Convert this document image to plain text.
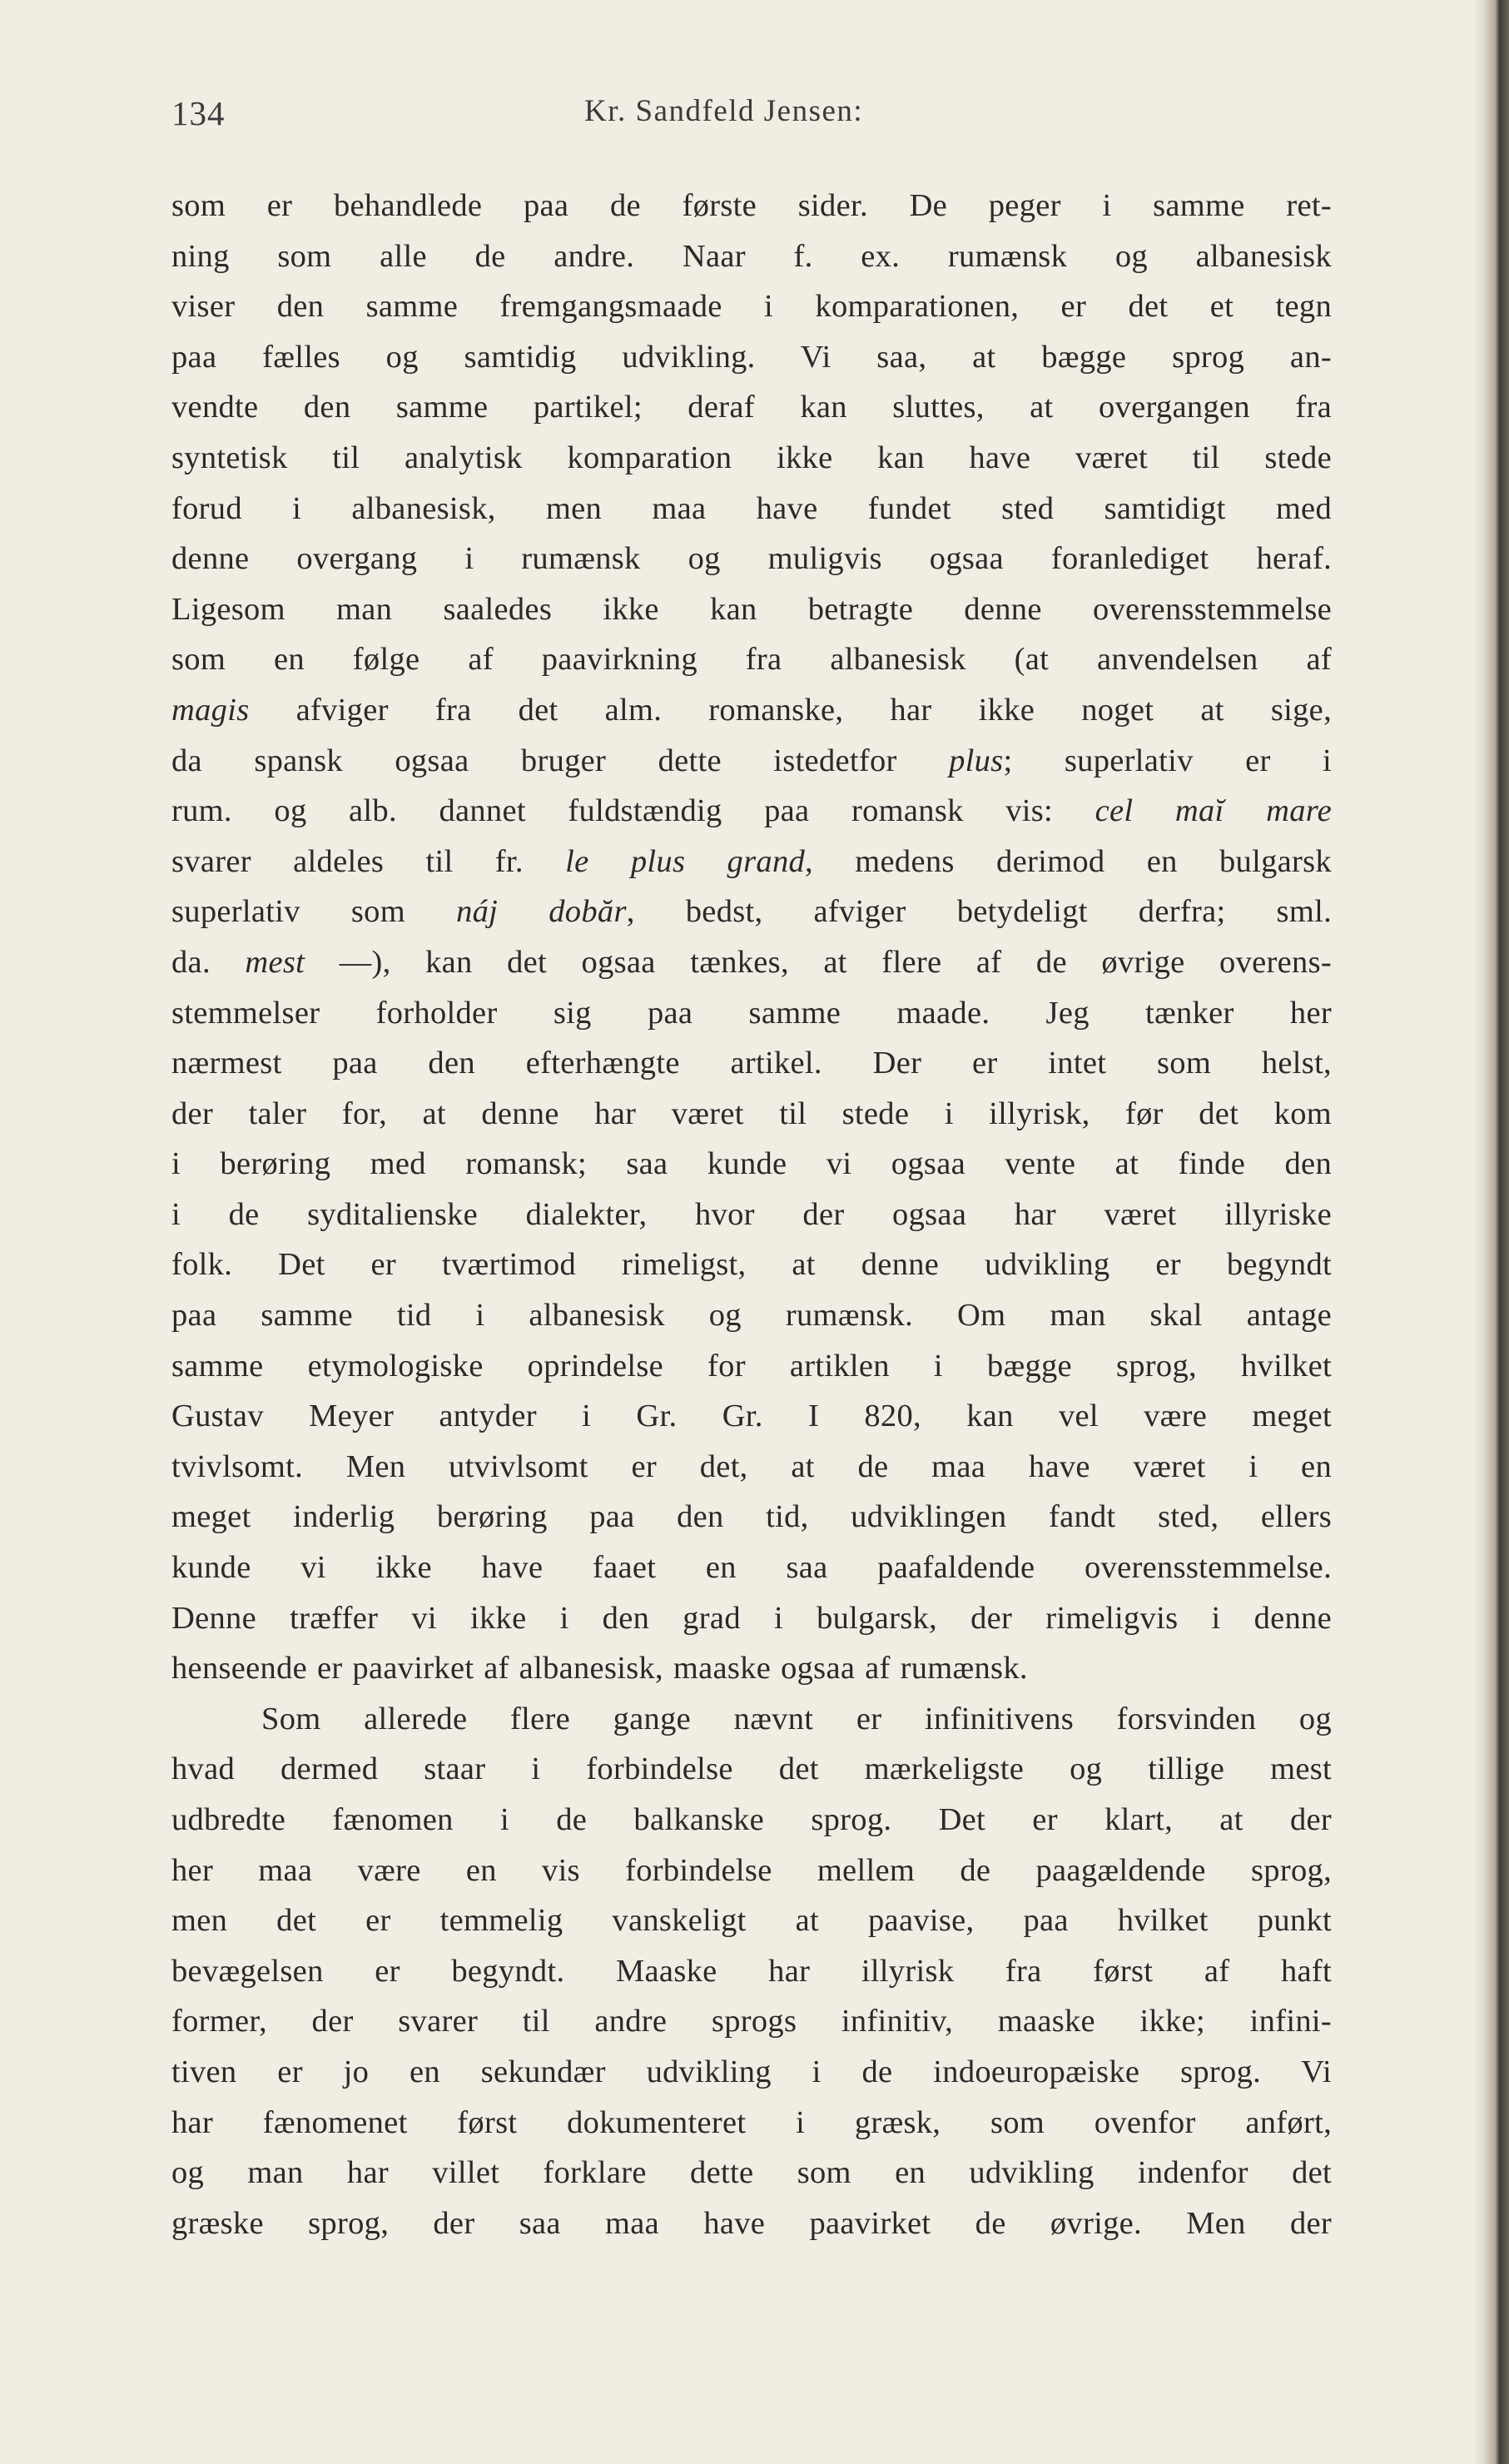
134	Kr. Sandfeld Jensen:
som er behandlede paa de første sider. De peger i samme ret-
ning som alle de andre. Naar f. ex. rumænsk og albanesisk
viser den samme fremgangsmaade i komparationen, er det et tegn
paa fælles og samtidig udvikling. Vi saa, at bægge sprog an-
vendte den samme partikel; deraf kan sluttes, at overgangen fra
syntetisk til analytisk komparation ikke kan have været til stede
forud i albanesisk, men maa have fundet sted samtidigt med
denne overgang i rumænsk og muligvis ogsaa foranlediget heraf.
Ligesom man saaledes ikke kan betragte denne overensstemmelse
som en følge af paavirkning fra albanesisk (at anvendelsen af
magis afviger fra det alm. romanske, har ikke noget at sige,
da spansk ogsaa bruger dette istedetfor plus; superlativ er i
rum. og alb. dannet fuldstændig paa romansk vis: cel maĭ mare
svarer aldeles til fr. le plus grand, medens derimod en bulgarsk
superlativ som náj dobăr, bedst, afviger betydeligt derfra; sml.
da. mest —), kan det ogsaa tænkes, at flere af de øvrige overens-
stemmelser forholder sig paa samme maade. Jeg tænker her
nærmest paa den efterhængte artikel. Der er intet som helst,
der taler for, at denne har været til stede i illyrisk, før det kom
i berøring med romansk; saa kunde vi ogsaa vente at finde den
i de syditalienske dialekter, hvor der ogsaa har været illyriske
folk. Det er tværtimod rimeligst, at denne udvikling er begyndt
paa samme tid i albanesisk og rumænsk. Om man skal antage
samme etymologiske oprindelse for artiklen i bægge sprog, hvilket
Gustav Meyer antyder i Gr. Gr. I 820, kan vel være meget
tvivlsomt. Men utvivlsomt er det, at de maa have været i en
meget inderlig berøring paa den tid, udviklingen fandt sted, ellers
kunde vi ikke have faaet en saa paafaldende overensstemmelse.
Denne træffer vi ikke i den grad i bulgarsk, der rimeligvis i denne
henseende er paavirket af albanesisk, maaske ogsaa af rumænsk.
Som allerede flere gange nævnt er infinitivens forsvinden og
hvad dermed staar i forbindelse det mærkeligste og tillige mest
udbredte fænomen i de balkanske sprog. Det er klart, at der
her maa være en vis forbindelse mellem de paagældende sprog,
men det er temmelig vanskeligt at paavise, paa hvilket punkt
bevægelsen er begyndt. Maaske har illyrisk fra først af haft
former, der svarer til andre sprogs infinitiv, maaske ikke; infini-
tiven er jo en sekundær udvikling i de indoeuropæiske sprog. Vi
har fænomenet først dokumenteret i græsk, som ovenfor anført,
og man har villet forklare dette som en udvikling indenfor det
græske sprog, der saa maa have paavirket de øvrige. Men der
